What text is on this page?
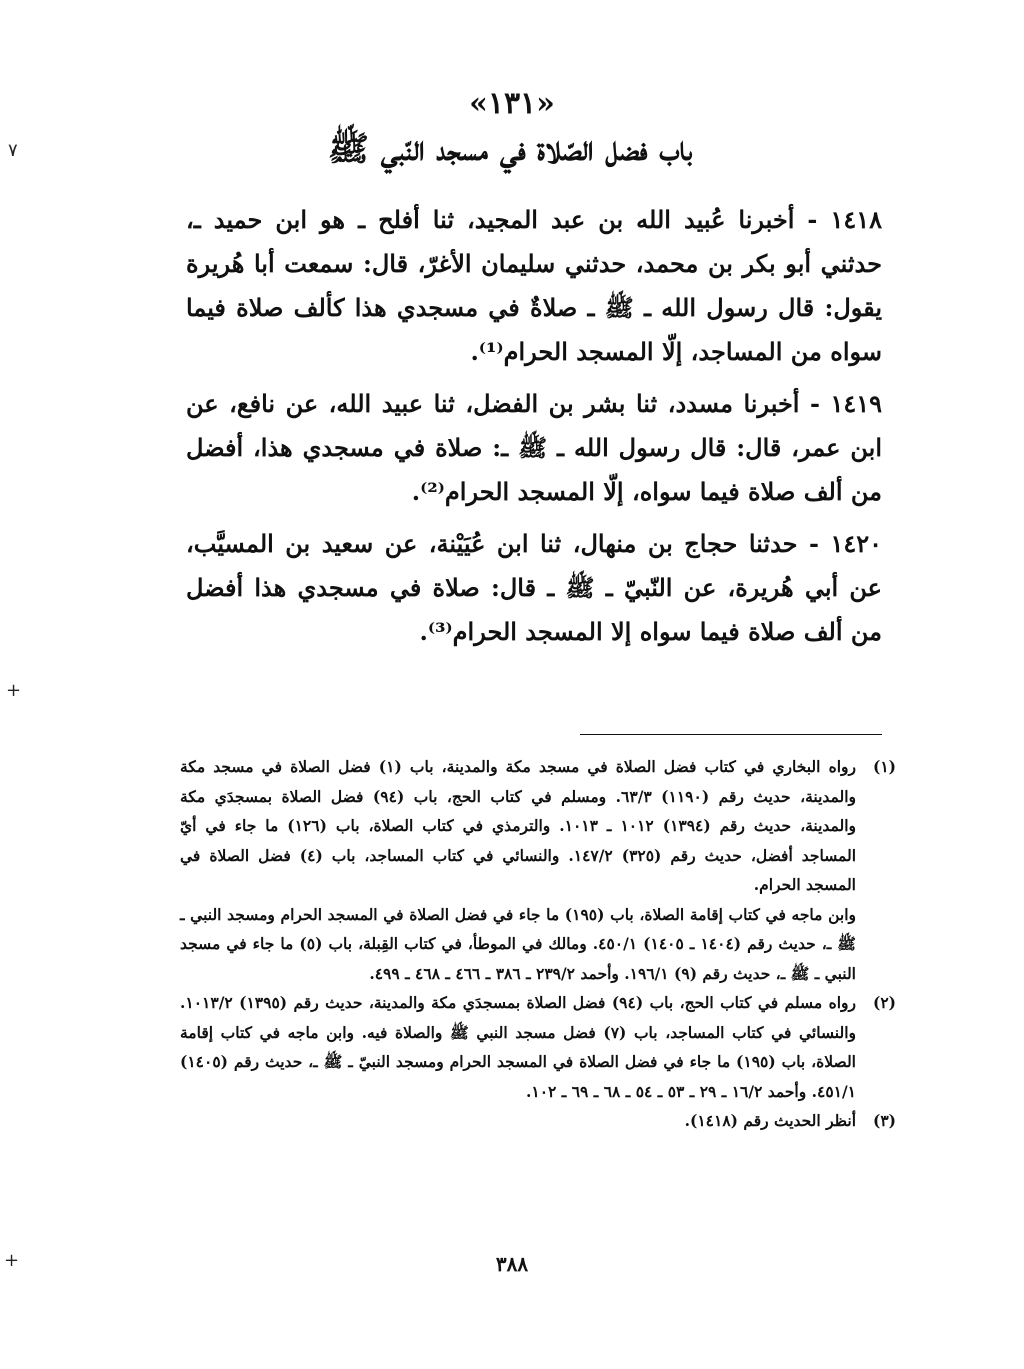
٧
+
+
«١٣١»
باب فضل الصّلاة في مسجد النّبي ﷺ
١٤١٨ - أخبرنا عُبيد الله بن عبد المجيد، ثنا أفلح ـ هو ابن حميد ـ، حدثني أبو بكر بن محمد، حدثني سليمان الأغرّ، قال: سمعت أبا هُريرة يقول: قال رسول الله ـ ﷺ ـ صلاةٌ في مسجدي هذا كألف صلاة فيما سواه من المساجد، إلّا المسجد الحرام⁽¹⁾.
١٤١٩ - أخبرنا مسدد، ثنا بشر بن الفضل، ثنا عبيد الله، عن نافع، عن ابن عمر، قال: قال رسول الله ـ ﷺ ـ: صلاة في مسجدي هذا، أفضل من ألف صلاة فيما سواه، إلّا المسجد الحرام⁽²⁾.
١٤٢٠ - حدثنا حجاج بن منهال، ثنا ابن عُيَيْنة، عن سعيد بن المسيَّب، عن أبي هُريرة، عن النّبيّ ـ ﷺ ـ قال: صلاة في مسجدي هذا أفضل من ألف صلاة فيما سواه إلا المسجد الحرام⁽³⁾.
(١)

رواه البخاري في كتاب فضل الصلاة في مسجد مكة والمدينة، باب (١) فضل الصلاة في مسجد مكة والمدينة، حديث رقم (١١٩٠) ٦٣/٣. ومسلم في كتاب الحج، باب (٩٤) فضل الصلاة بمسجدَي مكة والمدينة، حديث رقم (١٣٩٤) ١٠١٢ ـ ١٠١٣. والترمذي في كتاب الصلاة، باب (١٢٦) ما جاء في أيّ المساجد أفضل، حديث رقم (٣٢٥) ١٤٧/٢. والنسائي في كتاب المساجد، باب (٤) فضل الصلاة في المسجد الحرام.

وابن ماجه في كتاب إقامة الصلاة، باب (١٩٥) ما جاء في فضل الصلاة في المسجد الحرام ومسجد النبي ـ ﷺ ـ، حديث رقم (١٤٠٤ ـ ١٤٠٥) ٤٥٠/١. ومالك في الموطأ، في كتاب القِبلة، باب (٥) ما جاء في مسجد النبي ـ ﷺ ـ، حديث رقم (٩) ١٩٦/١. وأحمد ٢٣٩/٢ ـ ٣٨٦ ـ ٤٦٦ ـ ٤٦٨ ـ ٤٩٩.

(٢)

رواه مسلم في كتاب الحج، باب (٩٤) فضل الصلاة بمسجدَي مكة والمدينة، حديث رقم (١٣٩٥) ١٠١٣/٢. والنسائي في كتاب المساجد، باب (٧) فضل مسجد النبي ﷺ والصلاة فيه. وابن ماجه في كتاب إقامة الصلاة، باب (١٩٥) ما جاء في فضل الصلاة في المسجد الحرام ومسجد النبيّ ـ ﷺ ـ، حديث رقم (١٤٠٥) ٤٥١/١. وأحمد ١٦/٢ ـ ٢٩ ـ ٥٣ ـ ٥٤ ـ ٦٨ ـ ٦٩ ـ ١٠٢.

(٣)

أنظر الحديث رقم (١٤١٨).

٣٨٨
